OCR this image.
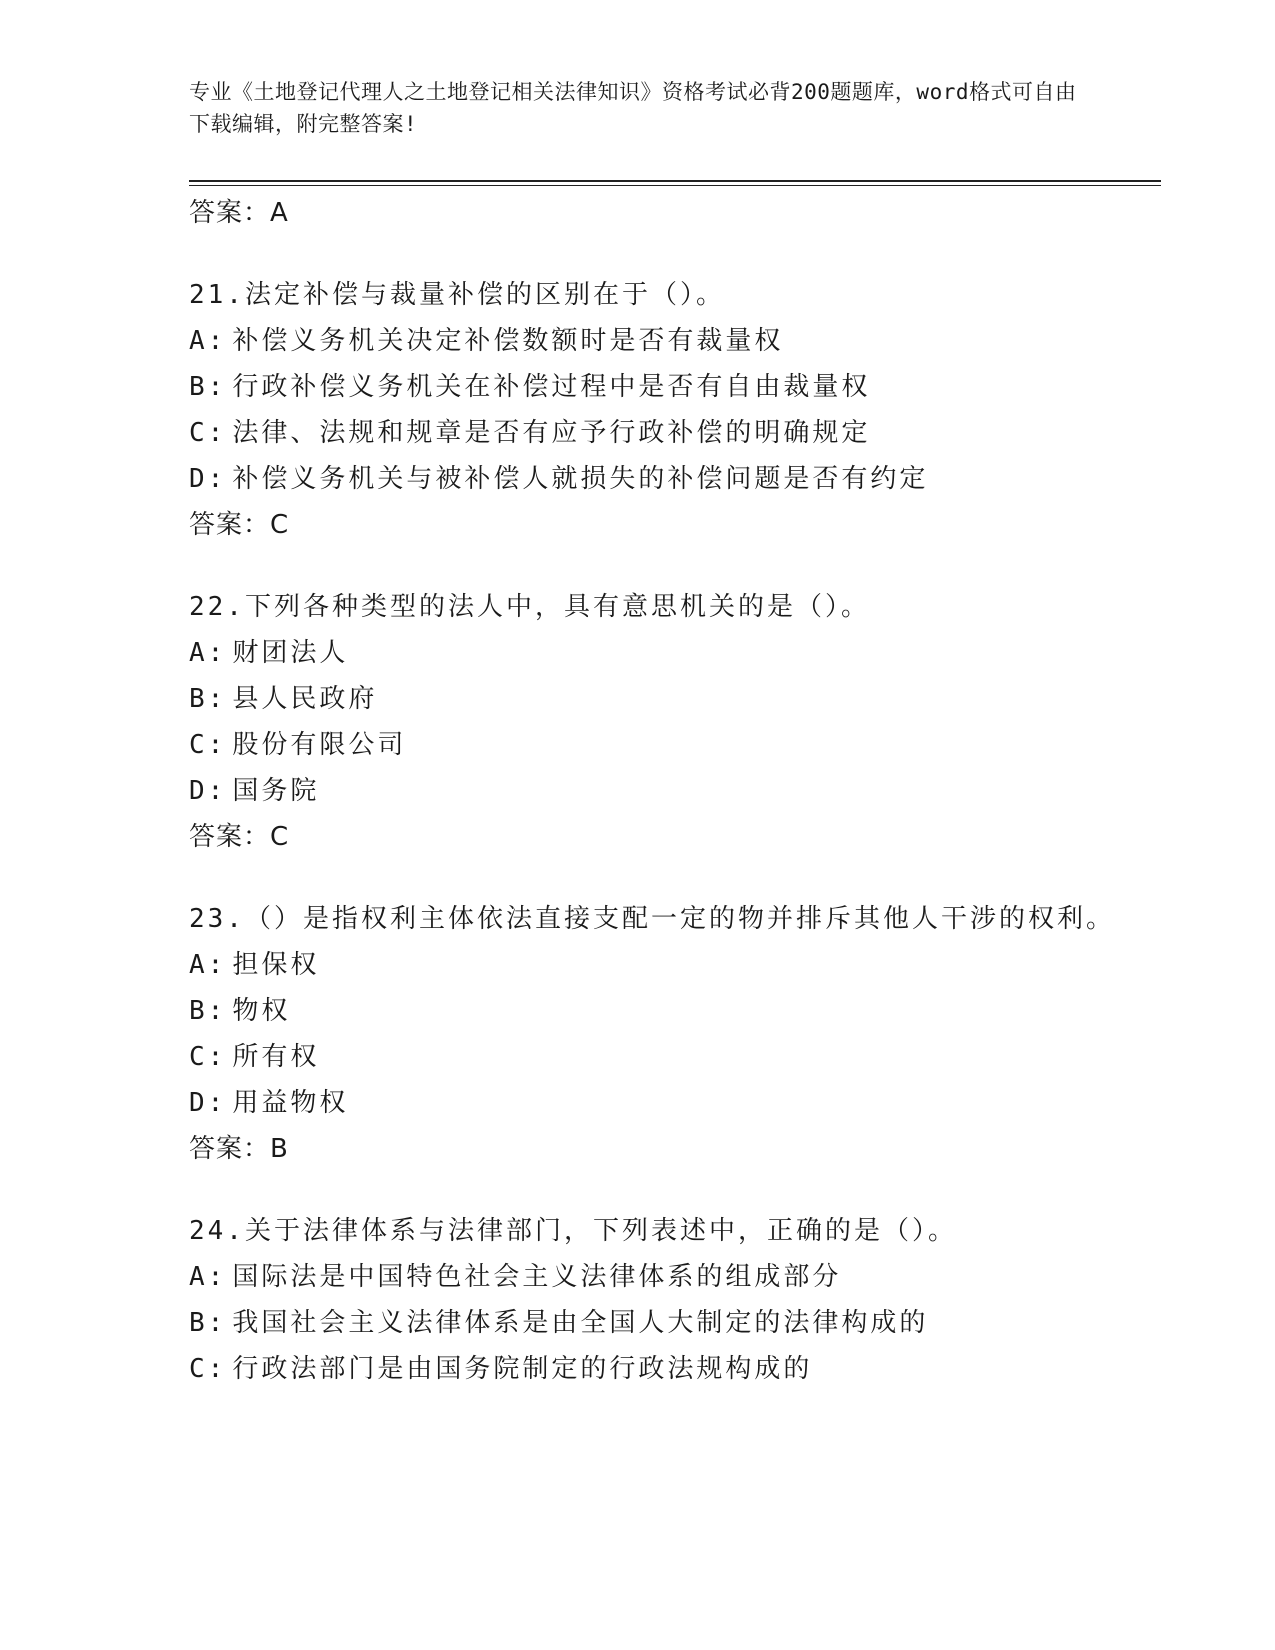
专业《土地登记代理人之土地登记相关法律知识》资格考试必背200题题库，word格式可自由下载编辑，附完整答案!
答案：A

21.法定补偿与裁量补偿的区别在于（）。

A: 补偿义务机关决定补偿数额时是否有裁量权
B: 行政补偿义务机关在补偿过程中是否有自由裁量权
C: 法律、法规和规章是否有应予行政补偿的明确规定
D: 补偿义务机关与被补偿人就损失的补偿问题是否有约定
答案：C

22.下列各种类型的法人中，具有意思机关的是（）。

A: 财团法人
B: 县人民政府
C: 股份有限公司
D: 国务院
答案：C

23.（）是指权利主体依法直接支配一定的物并排斥其他人干涉的权利。

A: 担保权
B: 物权
C: 所有权
D: 用益物权
答案：B

24.关于法律体系与法律部门，下列表述中，正确的是（）。

A: 国际法是中国特色社会主义法律体系的组成部分
B: 我国社会主义法律体系是由全国人大制定的法律构成的
C: 行政法部门是由国务院制定的行政法规构成的
